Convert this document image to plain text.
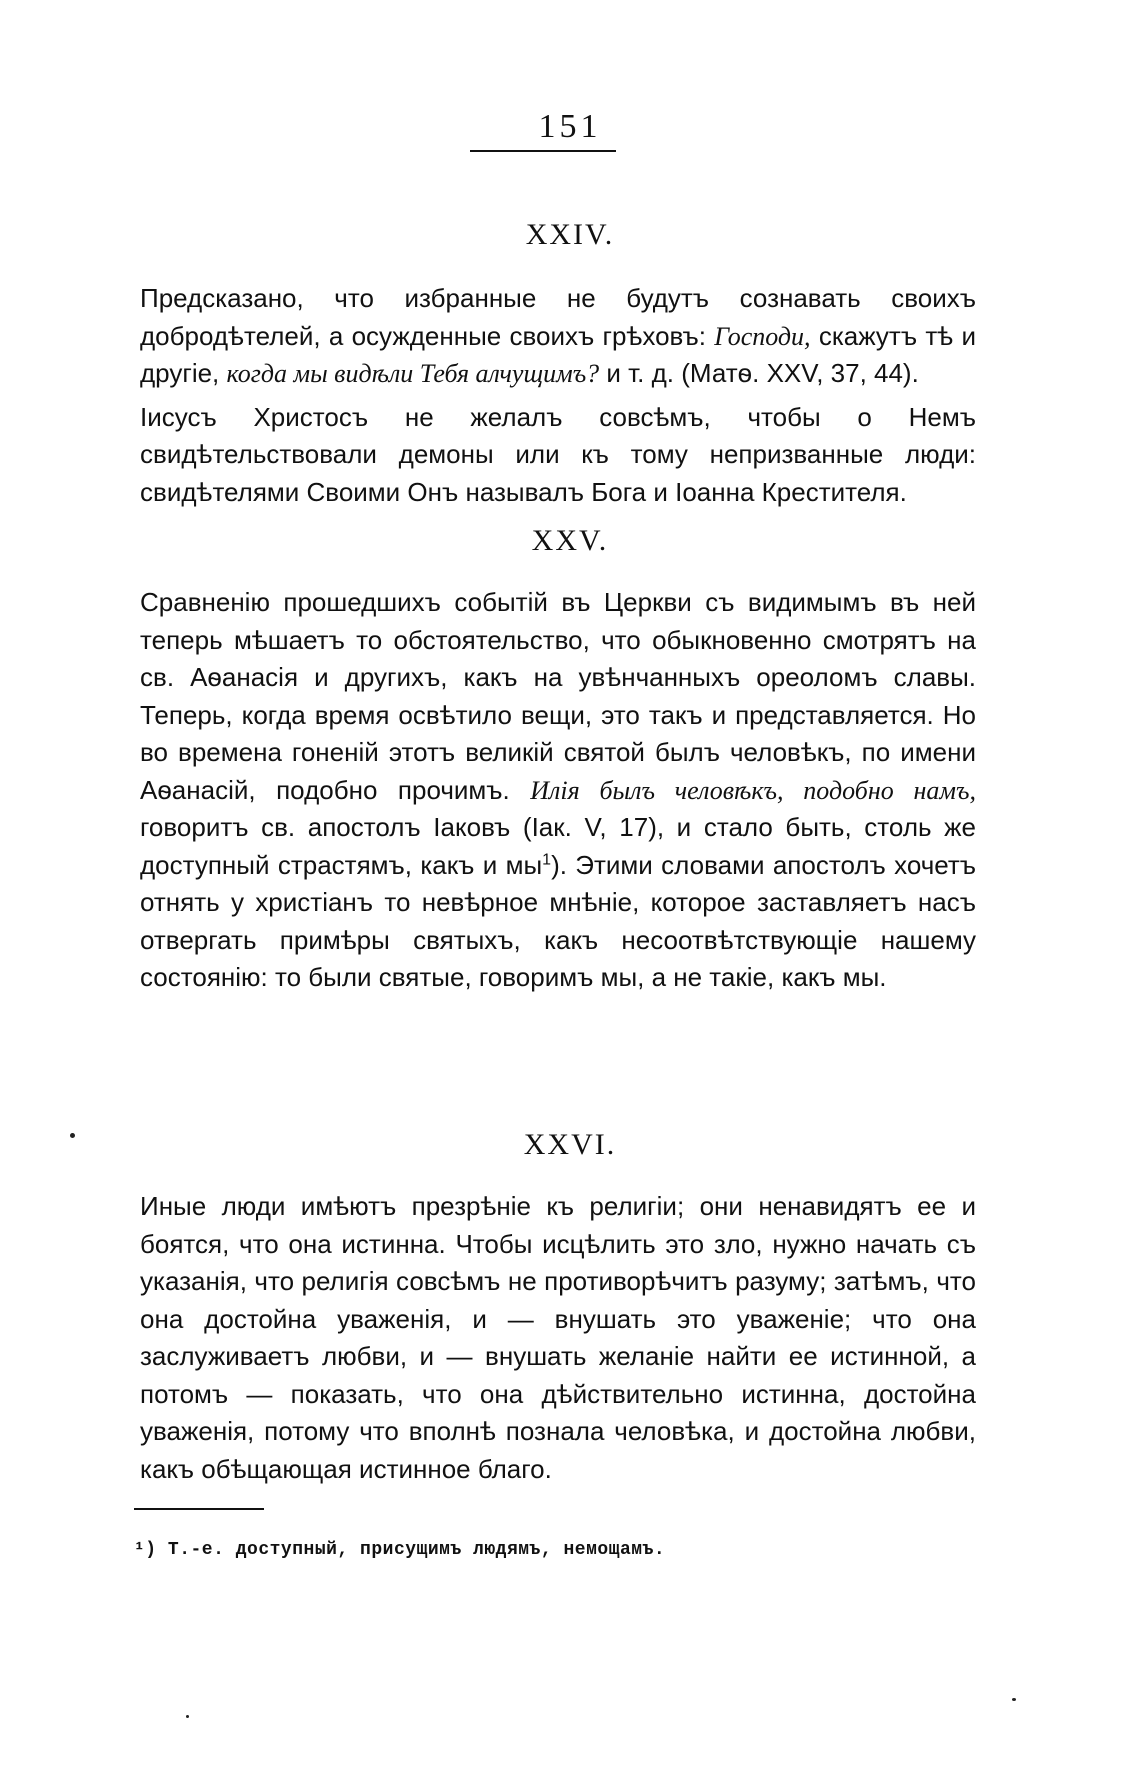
151
XXIV.

Предсказано, что избранные не будутъ сознавать своихъ добродѣтелей, а осужденные своихъ грѣховъ: Господи, скажутъ тѣ и другіе, когда мы видѣли Тебя алчущимъ? и т. д. (Матѳ. XXV, 37, 44).

Іисусъ Христосъ не желалъ совсѣмъ, чтобы о Немъ свидѣтельствовали демоны или къ тому непризванные люди: свидѣтелями Своими Онъ называлъ Бога и Іоанна Крестителя.

XXV.

Сравненію прошедшихъ событій въ Церкви съ видимымъ въ ней теперь мѣшаетъ то обстоятельство, что обыкновенно смотрятъ на св. Аѳанасія и другихъ, какъ на увѣнчанныхъ ореоломъ славы. Теперь, когда время освѣтило вещи, это такъ и представляется. Но во времена гоненій этотъ великій святой былъ человѣкъ, по имени Аѳанасій, подобно прочимъ. Илія былъ человѣкъ, подобно намъ, говоритъ св. апостолъ Іаковъ (Іак. V, 17), и стало быть, столь же доступный страстямъ, какъ и $мы^1$). Этими словами апостолъ хочетъ отнять у христіанъ то невѣрное мнѣніе, которое заставляетъ насъ отвергать примѣры святыхъ, какъ несоотвѣтствующіе нашему состоянію: то были святые, говоримъ мы, а не такіе, какъ мы.

XXVI.

Иные люди имѣютъ презрѣніе къ религіи; они ненавидятъ ее и боятся, что она истинна. Чтобы исцѣлить это зло, нужно начать съ указанія, что религія совсѣмъ не противорѣчитъ разуму; затѣмъ, что она достойна уваженія, и — внушать это уваженіе; что она заслуживаетъ любви, и — внушать желаніе найти ее истинной, а потомъ — показать, что она дѣйствительно истинна, достойна уваженія, потому что вполнѣ познала человѣка, и достойна любви, какъ обѣщающая истинное благо.

¹) Т.-е. доступный, присущимъ людямъ, немощамъ.
